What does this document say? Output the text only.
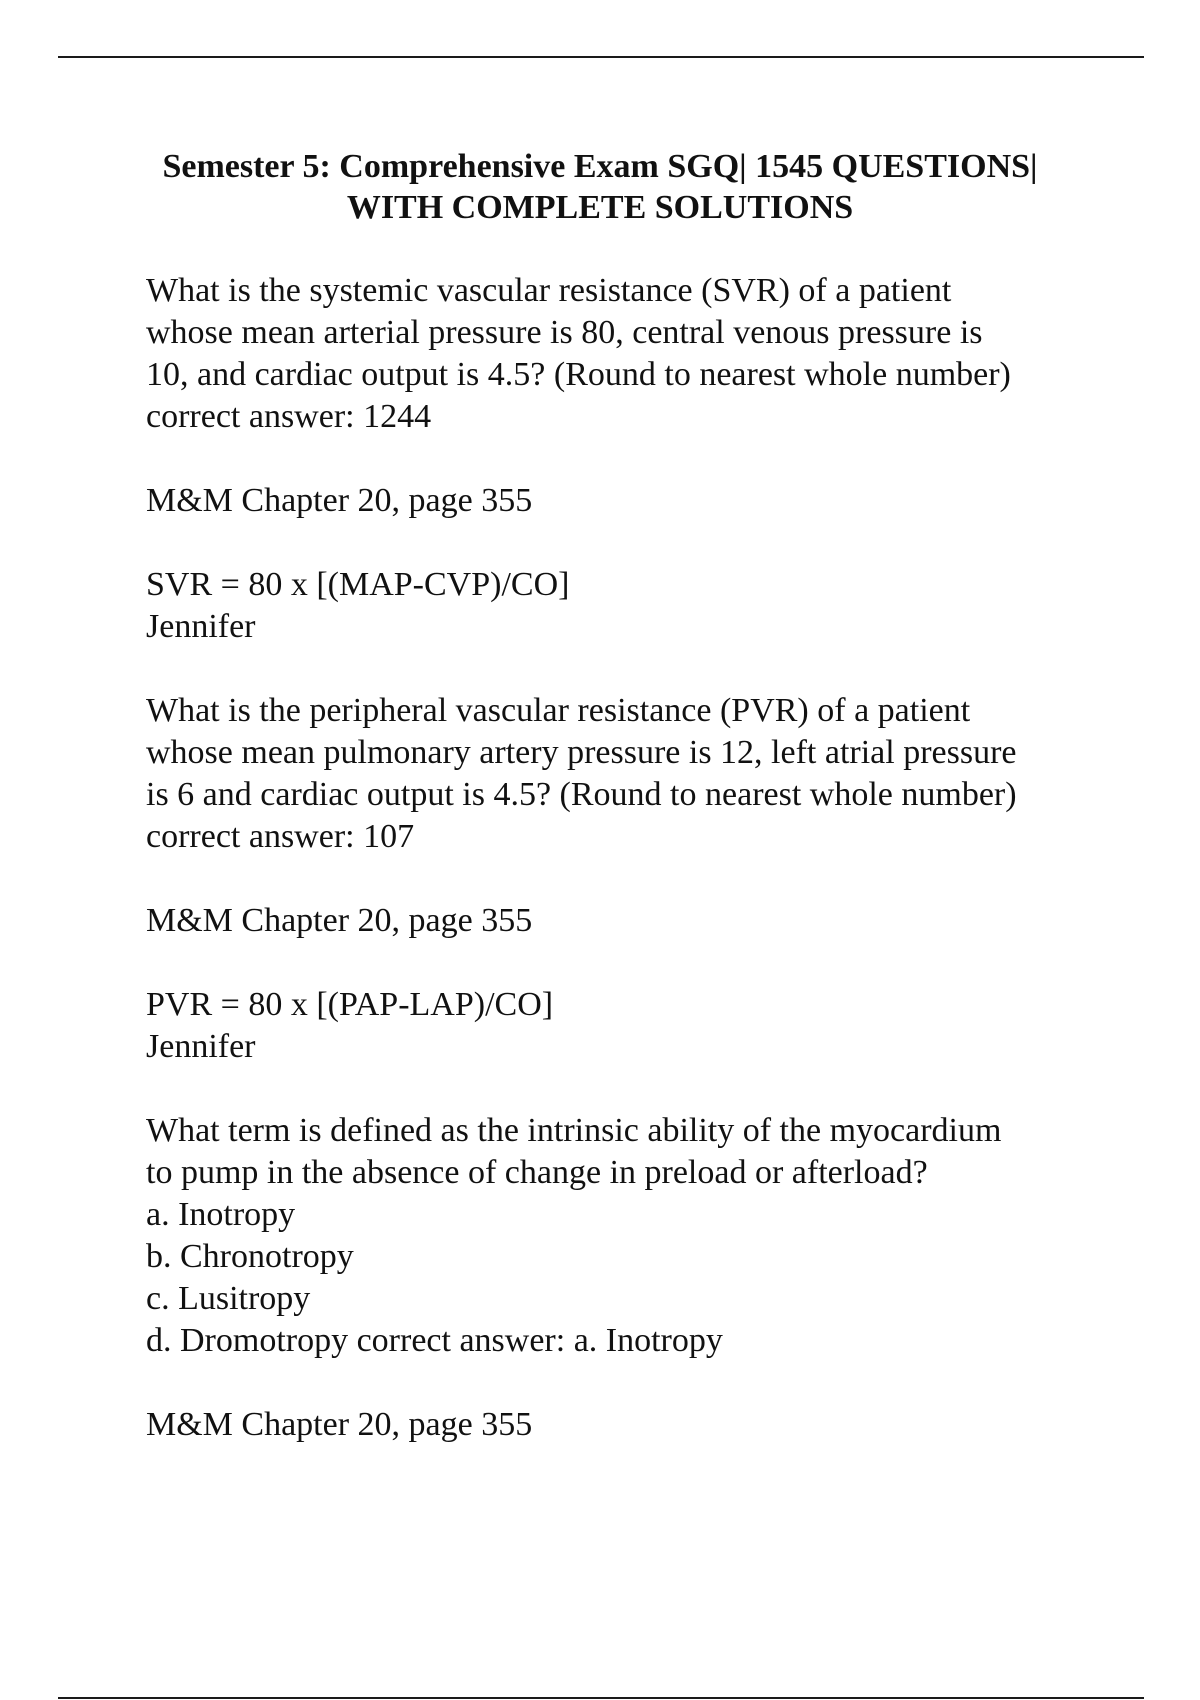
Semester 5: Comprehensive Exam SGQ| 1545 QUESTIONS|
WITH COMPLETE SOLUTIONS
What is the systemic vascular resistance (SVR) of a patient
whose mean arterial pressure is 80, central venous pressure is
10, and cardiac output is 4.5? (Round to nearest whole number)
correct answer: 1244
M&M Chapter 20, page 355
SVR = 80 x [(MAP-CVP)/CO]
Jennifer
What is the peripheral vascular resistance (PVR) of a patient
whose mean pulmonary artery pressure is 12, left atrial pressure
is 6 and cardiac output is 4.5? (Round to nearest whole number)
correct answer: 107
M&M Chapter 20, page 355
PVR = 80 x [(PAP-LAP)/CO]
Jennifer
What term is defined as the intrinsic ability of the myocardium
to pump in the absence of change in preload or afterload?
a. Inotropy
b. Chronotropy
c. Lusitropy
d. Dromotropy correct answer: a. Inotropy
M&M Chapter 20, page 355
